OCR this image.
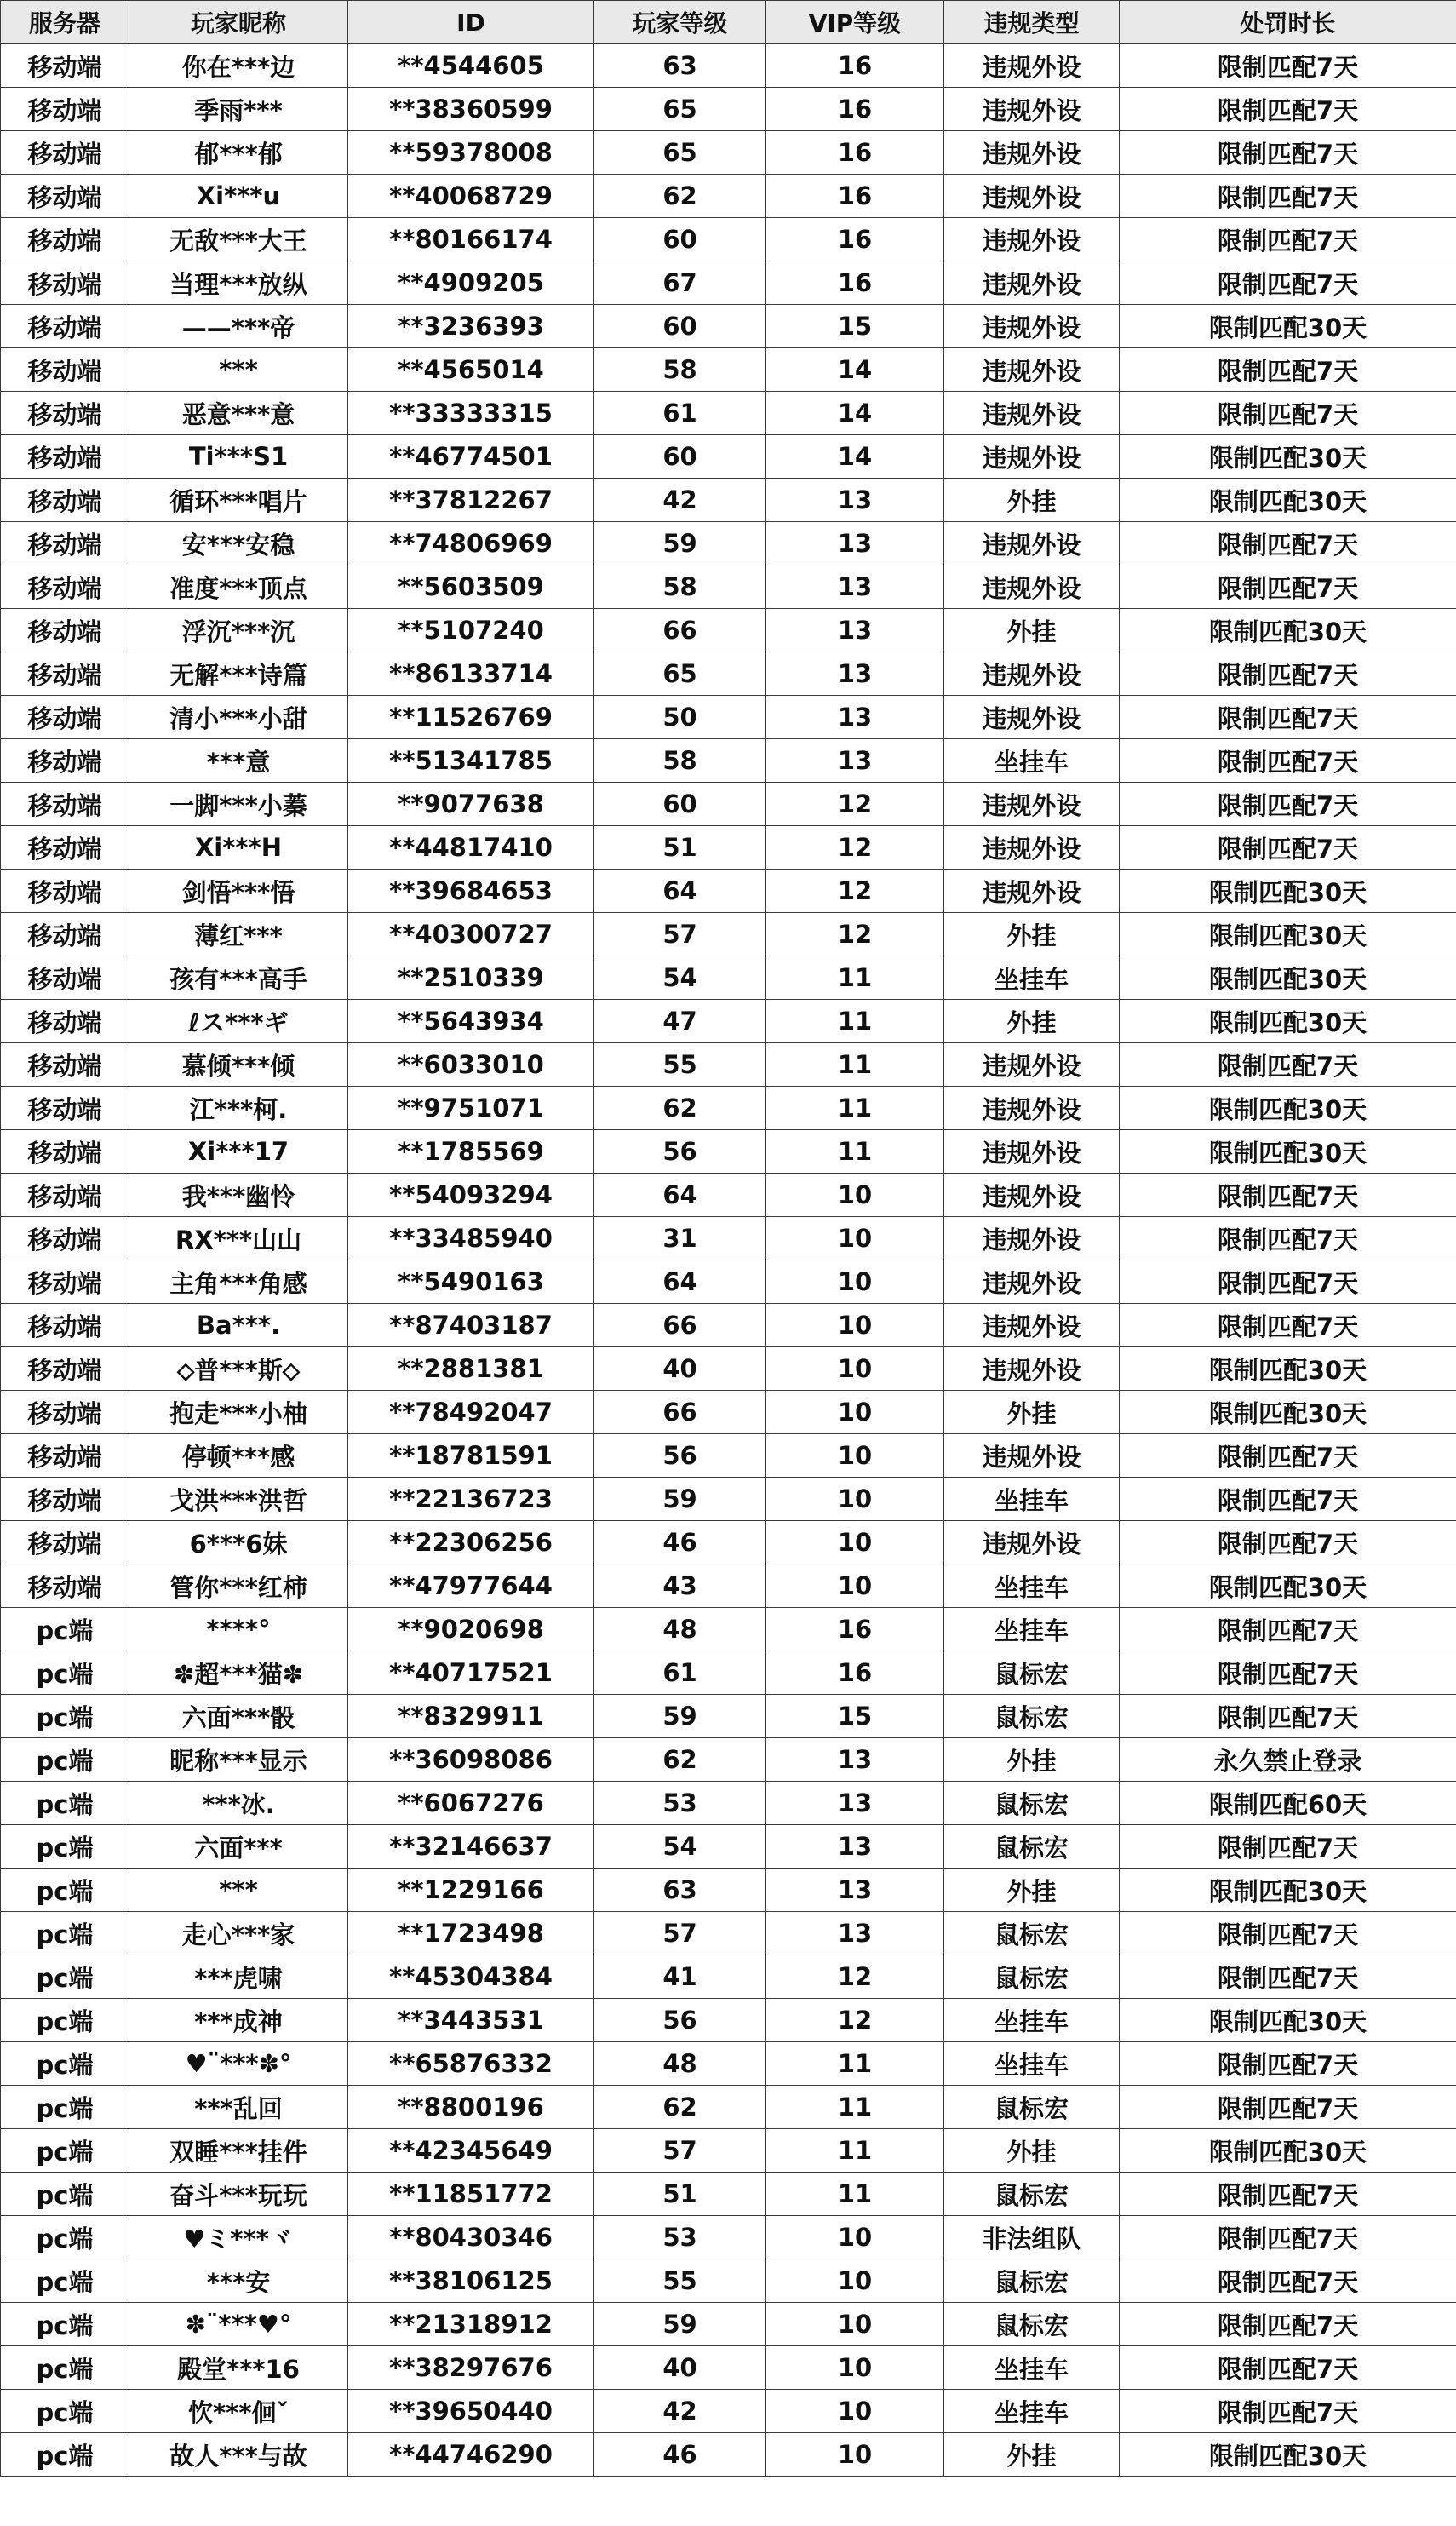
服务器	玩家昵称	ID	玩家等级	VIP等级	违规类型	处罚时长
移动端	你在***边	**4544605	63	16	违规外设	限制匹配7天
移动端	季雨***	**38360599	65	16	违规外设	限制匹配7天
移动端	郁***郁	**59378008	65	16	违规外设	限制匹配7天
移动端	Xi***u	**40068729	62	16	违规外设	限制匹配7天
移动端	无敌***大王	**80166174	60	16	违规外设	限制匹配7天
移动端	当理***放纵	**4909205	67	16	违规外设	限制匹配7天
移动端	——***帝	**3236393	60	15	违规外设	限制匹配30天
移动端	***	**4565014	58	14	违规外设	限制匹配7天
移动端	恶意***意	**33333315	61	14	违规外设	限制匹配7天
移动端	Ti***S1	**46774501	60	14	违规外设	限制匹配30天
移动端	循环***唱片	**37812267	42	13	外挂	限制匹配30天
移动端	安***安稳	**74806969	59	13	违规外设	限制匹配7天
移动端	准度***顶点	**5603509	58	13	违规外设	限制匹配7天
移动端	浮沉***沉	**5107240	66	13	外挂	限制匹配30天
移动端	无解***诗篇	**86133714	65	13	违规外设	限制匹配7天
移动端	清小***小甜	**11526769	50	13	违规外设	限制匹配7天
移动端	***意	**51341785	58	13	坐挂车	限制匹配7天
移动端	一脚***小蓁	**9077638	60	12	违规外设	限制匹配7天
移动端	Xi***H	**44817410	51	12	违规外设	限制匹配7天
移动端	剑悟***悟	**39684653	64	12	违规外设	限制匹配30天
移动端	薄红***	**40300727	57	12	外挂	限制匹配30天
移动端	孩有***高手	**2510339	54	11	坐挂车	限制匹配30天
移动端	ℓス***ギ	**5643934	47	11	外挂	限制匹配30天
移动端	慕倾***倾	**6033010	55	11	违规外设	限制匹配7天
移动端	江***柯.	**9751071	62	11	违规外设	限制匹配30天
移动端	Xi***17	**1785569	56	11	违规外设	限制匹配30天
移动端	我***幽怜	**54093294	64	10	违规外设	限制匹配7天
移动端	RX***山山	**33485940	31	10	违规外设	限制匹配7天
移动端	主角***角感	**5490163	64	10	违规外设	限制匹配7天
移动端	Ba***.	**87403187	66	10	违规外设	限制匹配7天
移动端	⬦普***斯⬦	**2881381	40	10	违规外设	限制匹配30天
移动端	抱走***小柚	**78492047	66	10	外挂	限制匹配30天
移动端	停顿***感	**18781591	56	10	违规外设	限制匹配7天
移动端	戈洪***洪哲	**22136723	59	10	坐挂车	限制匹配7天
移动端	6***6妹	**22306256	46	10	违规外设	限制匹配7天
移动端	管你***红柿	**47977644	43	10	坐挂车	限制匹配30天
pc端	****°	**9020698	48	16	坐挂车	限制匹配7天
pc端	✽超***猫✽	**40717521	61	16	鼠标宏	限制匹配7天
pc端	六面***骰	**8329911	59	15	鼠标宏	限制匹配7天
pc端	昵称***显示	**36098086	62	13	外挂	永久禁止登录
pc端	***冰.	**6067276	53	13	鼠标宏	限制匹配60天
pc端	六面***	**32146637	54	13	鼠标宏	限制匹配7天
pc端	***	**1229166	63	13	外挂	限制匹配30天
pc端	走心***家	**1723498	57	13	鼠标宏	限制匹配7天
pc端	***虎啸	**45304384	41	12	鼠标宏	限制匹配7天
pc端	***成神	**3443531	56	12	坐挂车	限制匹配30天
pc端	♥¨***✽°	**65876332	48	11	坐挂车	限制匹配7天
pc端	***乱回	**8800196	62	11	鼠标宏	限制匹配7天
pc端	双睡***挂件	**42345649	57	11	外挂	限制匹配30天
pc端	奋斗***玩玩	**11851772	51	11	鼠标宏	限制匹配7天
pc端	♥ミ***ヾ	**80430346	53	10	非法组队	限制匹配7天
pc端	***安	**38106125	55	10	鼠标宏	限制匹配7天
pc端	✽¨***♥°	**21318912	59	10	鼠标宏	限制匹配7天
pc端	殿堂***16	**38297676	40	10	坐挂车	限制匹配7天
pc端	忺***佪ˇ	**39650440	42	10	坐挂车	限制匹配7天
pc端	故人***与故	**44746290	46	10	外挂	限制匹配30天
